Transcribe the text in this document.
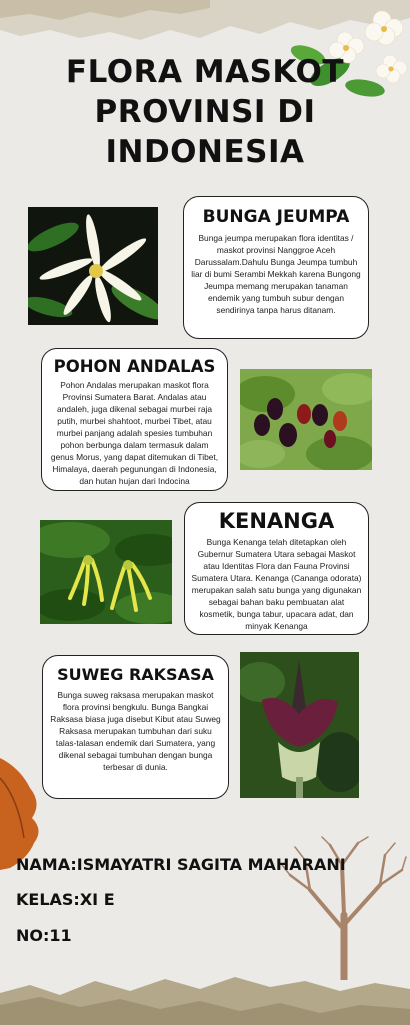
FLORA MASKOT PROVINSI DI INDONESIA
BUNGA JEUMPA

Bunga jeumpa merupakan flora identitas / maskot provinsi Nanggroe Aceh Darussalam.Dahulu Bunga Jeumpa tumbuh liar di bumi Serambi Mekkah karena Bungong Jeumpa memang merupakan tanaman endemik yang tumbuh subur dengan sendirinya tanpa harus ditanam.

POHON ANDALAS

Pohon Andalas merupakan maskot flora Provinsi Sumatera Barat. Andalas atau andaleh, juga dikenal sebagai murbei raja putih, murbei shahtoot, murbei Tibet, atau murbei panjang adalah spesies tumbuhan pohon berbunga dalam termasuk dalam genus Morus, yang dapat ditemukan di Tibet, Himalaya, daerah pegunungan di Indonesia, dan hutan hujan dari Indocina

KENANGA

Bunga Kenanga telah ditetapkan oleh Gubernur Sumatera Utara sebagai Maskot atau Identitas Flora dan Fauna Provinsi Sumatera Utara. Kenanga (Cananga odorata) merupakan salah satu bunga yang digunakan sebagai bahan baku pembuatan alat kosmetik, bunga tabur, upacara adat, dan minyak Kenanga

SUWEG RAKSASA

Bunga suweg raksasa merupakan maskot flora provinsi bengkulu. Bunga Bangkai Raksasa biasa juga disebut Kibut atau Suweg Raksasa merupakan tumbuhan dari suku talas-talasan endemik dari Sumatera, yang dikenal sebagai tumbuhan dengan bunga terbesar di dunia.

NAMA:ISMAYATRI SAGITA MAHARANI
KELAS:XI E
NO:11
